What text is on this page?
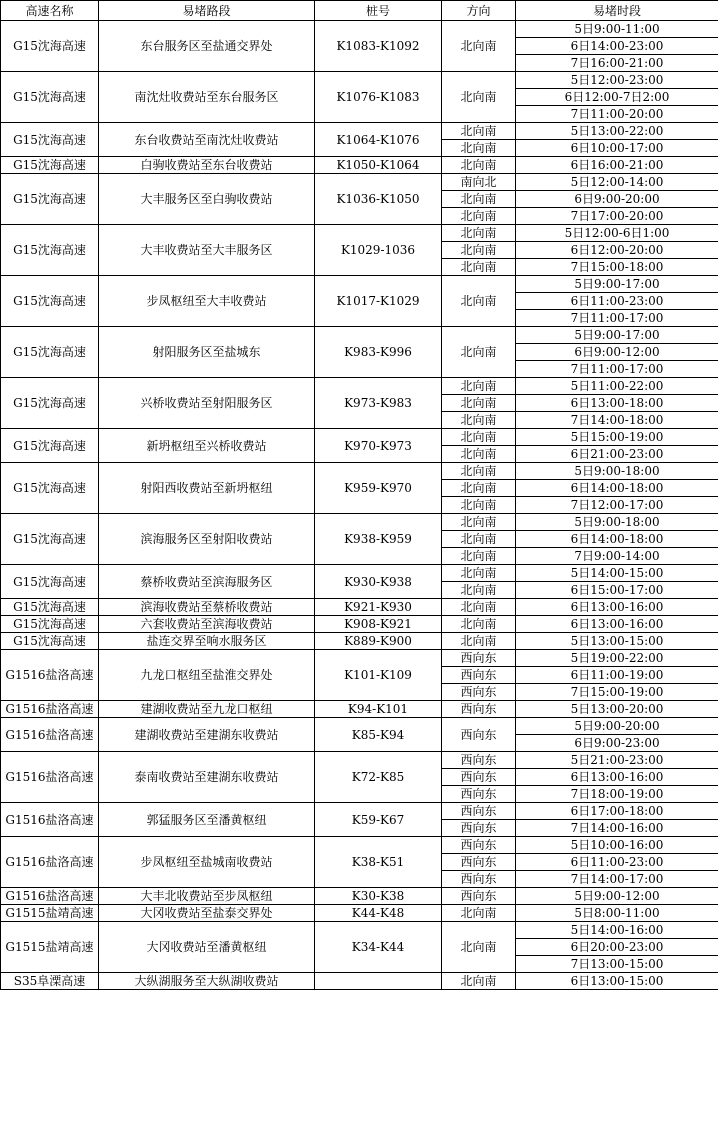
高速名称	易堵路段	桩号	方向	易堵时段
G15沈海高速	东台服务区至盐通交界处	K1083-K1092	北向南	5日9:00-11:00
				6日14:00-23:00
				7日16:00-21:00
G15沈海高速	南沈灶收费站至东台服务区	K1076-K1083	北向南	5日12:00-23:00
				6日12:00-7日2:00
				7日11:00-20:00
G15沈海高速	东台收费站至南沈灶收费站	K1064-K1076	北向南	5日13:00-22:00
			北向南	6日10:00-17:00
G15沈海高速	白驹收费站至东台收费站	K1050-K1064	北向南	6日16:00-21:00
G15沈海高速	大丰服务区至白驹收费站	K1036-K1050	南向北	5日12:00-14:00
			北向南	6日9:00-20:00
			北向南	7日17:00-20:00
G15沈海高速	大丰收费站至大丰服务区	K1029-1036	北向南	5日12:00-6日1:00
			北向南	6日12:00-20:00
			北向南	7日15:00-18:00
G15沈海高速	步凤枢纽至大丰收费站	K1017-K1029	北向南	5日9:00-17:00
				6日11:00-23:00
				7日11:00-17:00
G15沈海高速	射阳服务区至盐城东	K983-K996	北向南	5日9:00-17:00
				6日9:00-12:00
				7日11:00-17:00
G15沈海高速	兴桥收费站至射阳服务区	K973-K983	北向南	5日11:00-22:00
			北向南	6日13:00-18:00
			北向南	7日14:00-18:00
G15沈海高速	新坍枢纽至兴桥收费站	K970-K973	北向南	5日15:00-19:00
			北向南	6日21:00-23:00
G15沈海高速	射阳西收费站至新坍枢纽	K959-K970	北向南	5日9:00-18:00
			北向南	6日14:00-18:00
			北向南	7日12:00-17:00
G15沈海高速	滨海服务区至射阳收费站	K938-K959	北向南	5日9:00-18:00
			北向南	6日14:00-18:00
			北向南	7日9:00-14:00
G15沈海高速	蔡桥收费站至滨海服务区	K930-K938	北向南	5日14:00-15:00
			北向南	6日15:00-17:00
G15沈海高速	滨海收费站至蔡桥收费站	K921-K930	北向南	6日13:00-16:00
G15沈海高速	六套收费站至滨海收费站	K908-K921	北向南	6日13:00-16:00
G15沈海高速	盐连交界至响水服务区	K889-K900	北向南	5日13:00-15:00
G1516盐洛高速	九龙口枢纽至盐淮交界处	K101-K109	西向东	5日19:00-22:00
			西向东	6日11:00-19:00
			西向东	7日15:00-19:00
G1516盐洛高速	建湖收费站至九龙口枢纽	K94-K101	西向东	5日13:00-20:00
G1516盐洛高速	建湖收费站至建湖东收费站	K85-K94	西向东	5日9:00-20:00
				6日9:00-23:00
G1516盐洛高速	泰南收费站至建湖东收费站	K72-K85	西向东	5日21:00-23:00
			西向东	6日13:00-16:00
			西向东	7日18:00-19:00
G1516盐洛高速	郭猛服务区至潘黄枢纽	K59-K67	西向东	6日17:00-18:00
			西向东	7日14:00-16:00
G1516盐洛高速	步凤枢纽至盐城南收费站	K38-K51	西向东	5日10:00-16:00
			西向东	6日11:00-23:00
			西向东	7日14:00-17:00
G1516盐洛高速	大丰北收费站至步凤枢纽	K30-K38	西向东	5日9:00-12:00
G1515盐靖高速	大冈收费站至盐泰交界处	K44-K48	北向南	5日8:00-11:00
G1515盐靖高速	大冈收费站至潘黄枢纽	K34-K44	北向南	5日14:00-16:00
				6日20:00-23:00
				7日13:00-15:00
S35阜溧高速	大纵湖服务至大纵湖收费站		北向南	6日13:00-15:00
